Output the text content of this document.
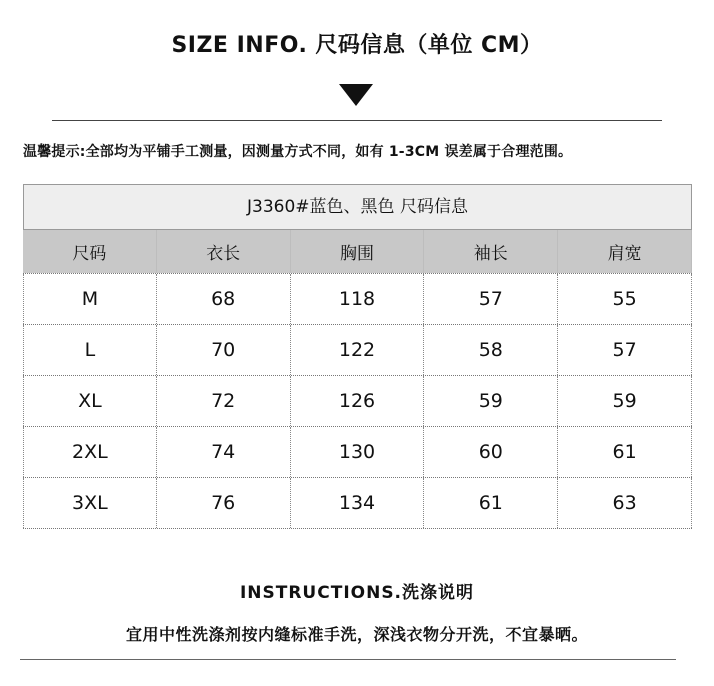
SIZE INFO. 尺码信息（单位 CM）
温馨提示:全部均为平铺手工测量，因测量方式不同，如有 1-3CM 误差属于合理范围。
J3360#蓝色、黑色 尺码信息
尺码	衣长	胸围	袖长	肩宽
M	68	118	57	55
L	70	122	58	57
XL	72	126	59	59
2XL	74	130	60	61
3XL	76	134	61	63
INSTRUCTIONS.洗涤说明
宜用中性洗涤剂按内缝标准手洗，深浅衣物分开洗，不宜暴晒。
